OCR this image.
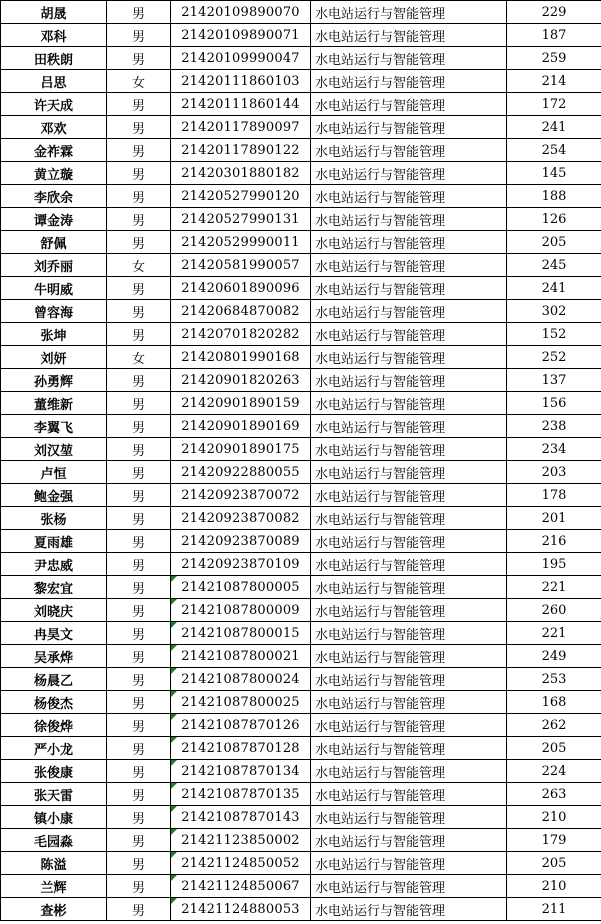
胡晟	男	21420109890070	水电站运行与智能管理	229
邓科	男	21420109890071	水电站运行与智能管理	187
田秩朗	男	21420109990047	水电站运行与智能管理	259
吕思	女	21420111860103	水电站运行与智能管理	214
许天成	男	21420111860144	水电站运行与智能管理	172
邓欢	男	21420117890097	水电站运行与智能管理	241
金祚霖	男	21420117890122	水电站运行与智能管理	254
黄立璇	男	21420301880182	水电站运行与智能管理	145
李欣余	男	21420527990120	水电站运行与智能管理	188
谭金涛	男	21420527990131	水电站运行与智能管理	126
舒佩	男	21420529990011	水电站运行与智能管理	205
刘乔丽	女	21420581990057	水电站运行与智能管理	245
牛明威	男	21420601890096	水电站运行与智能管理	241
曾容海	男	21420684870082	水电站运行与智能管理	302
张坤	男	21420701820282	水电站运行与智能管理	152
刘妍	女	21420801990168	水电站运行与智能管理	252
孙勇辉	男	21420901820263	水电站运行与智能管理	137
董维新	男	21420901890159	水电站运行与智能管理	156
李翼飞	男	21420901890169	水电站运行与智能管理	238
刘汉堃	男	21420901890175	水电站运行与智能管理	234
卢恒	男	21420922880055	水电站运行与智能管理	203
鲍金强	男	21420923870072	水电站运行与智能管理	178
张杨	男	21420923870082	水电站运行与智能管理	201
夏雨雄	男	21420923870089	水电站运行与智能管理	216
尹忠威	男	21420923870109	水电站运行与智能管理	195
黎宏宜	男	21421087800005	水电站运行与智能管理	221
刘晓庆	男	21421087800009	水电站运行与智能管理	260
冉昊文	男	21421087800015	水电站运行与智能管理	221
吴承烨	男	21421087800021	水电站运行与智能管理	249
杨晨乙	男	21421087800024	水电站运行与智能管理	253
杨俊杰	男	21421087800025	水电站运行与智能管理	168
徐俊烨	男	21421087870126	水电站运行与智能管理	262
严小龙	男	21421087870128	水电站运行与智能管理	205
张俊康	男	21421087870134	水电站运行与智能管理	224
张天雷	男	21421087870135	水电站运行与智能管理	263
镇小康	男	21421087870143	水电站运行与智能管理	210
毛园淼	男	21421123850002	水电站运行与智能管理	179
陈溢	男	21421124850052	水电站运行与智能管理	205
兰辉	男	21421124850067	水电站运行与智能管理	210
查彬	男	21421124880053	水电站运行与智能管理	211
